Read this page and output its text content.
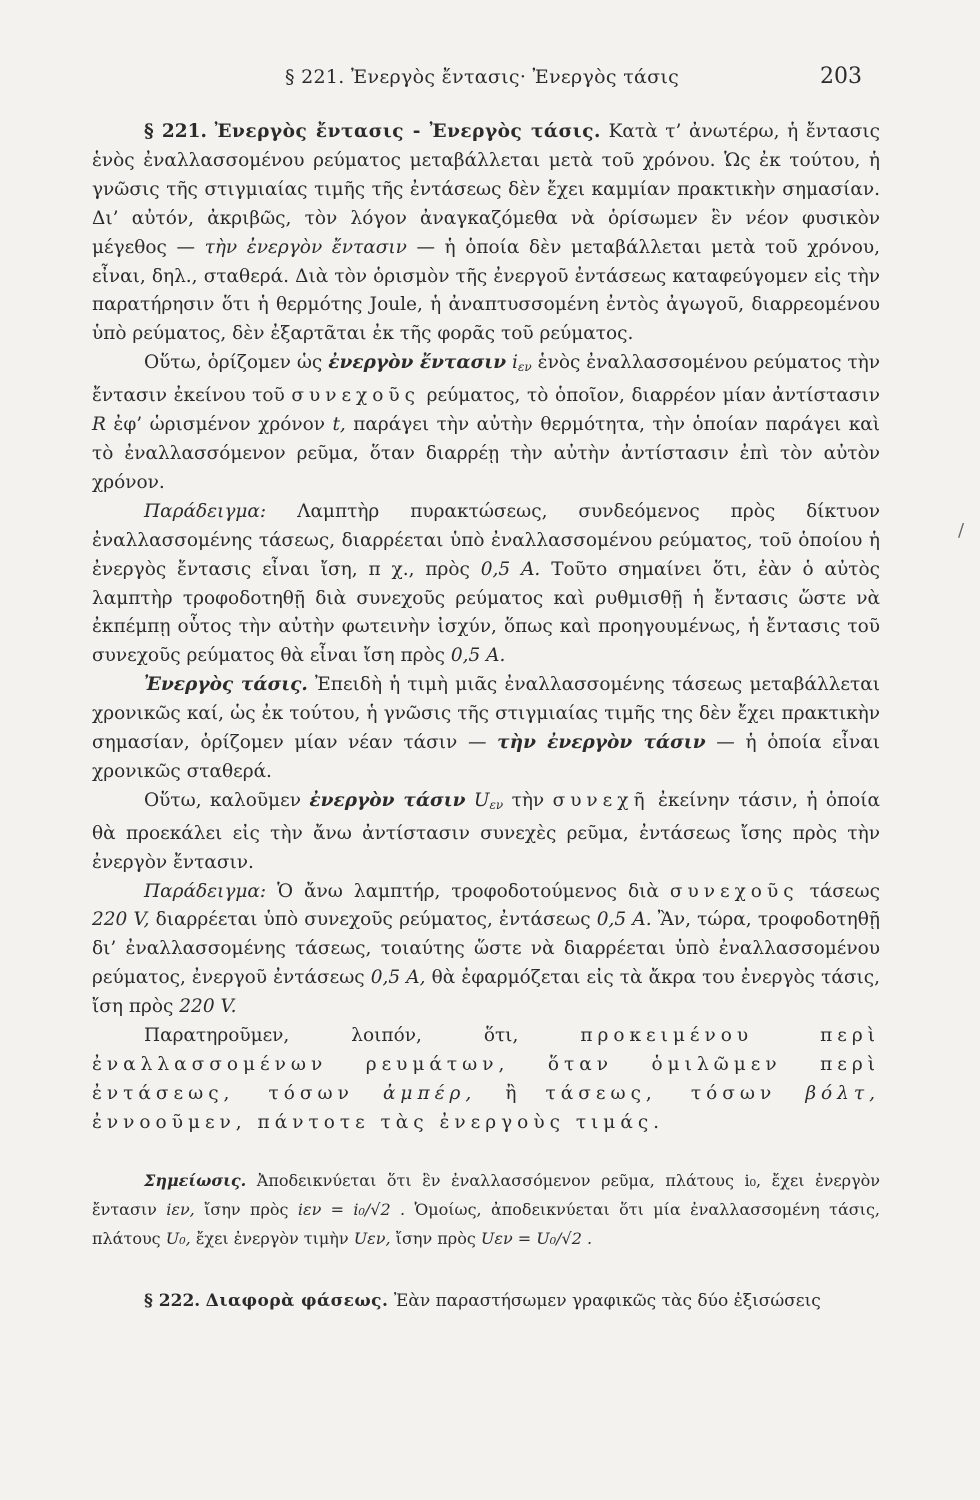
§ 221. Ἐνεργὸς ἔντασις· Ἐνεργὸς τάσις	203
/

§ 221. Ἐνεργὸς ἔντασις - Ἐνεργὸς τάσις. Κατὰ τ’ ἀνωτέρω, ἡ ἔντασις ἑνὸς ἐναλλασσομένου ρεύματος μεταβάλλεται μετὰ τοῦ χρόνου. Ὡς ἐκ τούτου, ἡ γνῶσις τῆς στιγμιαίας τιμῆς τῆς ἐντάσεως δὲν ἔχει καμμίαν πρακτικὴν σημασίαν. Δι’ αὐτόν, ἀκριβῶς, τὸν λόγον ἀναγκαζόμεθα νὰ ὁρίσωμεν ἓν νέον φυσικὸν μέγεθος — τὴν ἐνεργὸν ἔντασιν — ἡ ὁποία δὲν μεταβάλλεται μετὰ τοῦ χρόνου, εἶναι, δηλ., σταθερά. Διὰ τὸν ὁρισμὸν τῆς ἐνεργοῦ ἐντάσεως καταφεύγομεν εἰς τὴν παρατήρησιν ὅτι ἡ θερμότης Joule, ἡ ἀναπτυσσομένη ἐντὸς ἀγωγοῦ, διαρρεομένου ὑπὸ ρεύματος, δὲν ἐξαρτᾶται ἐκ τῆς φορᾶς τοῦ ρεύματος.

Οὕτω, ὁρίζομεν ὡς ἐνεργὸν ἔντασιν $i_{\varepsilon\nu}$ ἑνὸς ἐναλλασσομένου ρεύματος τὴν ἔντασιν ἐκείνου τοῦ συνεχοῦς ρεύματος, τὸ ὁποῖον, διαρρέον μίαν ἀντίστασιν R ἐφ’ ὡρισμένον χρόνον t, παράγει τὴν αὐτὴν θερμότητα, τὴν ὁποίαν παράγει καὶ τὸ ἐναλλασσόμενον ρεῦμα, ὅταν διαρρέῃ τὴν αὐτὴν ἀντίστασιν ἐπὶ τὸν αὐτὸν χρόνον.

Παράδειγμα: Λαμπτὴρ πυρακτώσεως, συνδεόμενος πρὸς δίκτυον ἐναλλασσομένης τάσεως, διαρρέεται ὑπὸ ἐναλλασσομένου ρεύματος, τοῦ ὁποίου ἡ ἐνεργὸς ἔντασις εἶναι ἴση, π χ., πρὸς 0,5 A. Τοῦτο σημαίνει ὅτι, ἐὰν ὁ αὐτὸς λαμπτὴρ τροφοδοτηθῇ διὰ συνεχοῦς ρεύματος καὶ ρυθμισθῇ ἡ ἔντασις ὥστε νὰ ἐκπέμπῃ οὗτος τὴν αὐτὴν φωτεινὴν ἰσχύν, ὅπως καὶ προηγουμένως, ἡ ἔντασις τοῦ συνεχοῦς ρεύματος θὰ εἶναι ἴση πρὸς 0,5 A.

Ἐνεργὸς τάσις. Ἐπειδὴ ἡ τιμὴ μιᾶς ἐναλλασσομένης τάσεως μεταβάλλεται χρονικῶς καί, ὡς ἐκ τούτου, ἡ γνῶσις τῆς στιγμιαίας τιμῆς της δὲν ἔχει πρακτικὴν σημασίαν, ὁρίζομεν μίαν νέαν τάσιν — τὴν ἐνεργὸν τάσιν — ἡ ὁποία εἶναι χρονικῶς σταθερά.

Οὕτω, καλοῦμεν ἐνεργὸν τάσιν $U_{\varepsilon\nu}$ τὴν συνεχῆ ἐκείνην τάσιν, ἡ ὁποία θὰ προεκάλει εἰς τὴν ἄνω ἀντίστασιν συνεχὲς ρεῦμα, ἐντάσεως ἴσης πρὸς τὴν ἐνεργὸν ἔντασιν.

Παράδειγμα: Ὁ ἄνω λαμπτήρ, τροφοδοτούμενος διὰ συνεχοῦς τάσεως 220 V, διαρρέεται ὑπὸ συνεχοῦς ρεύματος, ἐντάσεως 0,5 A. Ἂν, τώρα, τροφοδοτηθῇ δι’ ἐναλλασσομένης τάσεως, τοιαύτης ὥστε νὰ διαρρέεται ὑπὸ ἐναλλασσομένου ρεύματος, ἐνεργοῦ ἐντάσεως 0,5 A, θὰ ἐφαρμόζεται εἰς τὰ ἄκρα του ἐνεργὸς τάσις, ἴση πρὸς 220 V.

Παρατηροῦμεν, λοιπόν, ὅτι,	προκειμένου περὶ ἐναλλασσομένων ρευμάτων, ὅταν ὁμιλῶμεν περὶ ἐντάσεως, τόσων ἀμπέρ, ἢ τάσεως, τόσων βόλτ, ἐννοοῦμεν, πάντοτε τὰς ἐνεργοὺς τιμάς.

Σημείωσις. Ἀποδεικνύεται ὅτι ἓν ἐναλλασσόμενον ρεῦμα, πλάτους i₀, ἔχει ἐνεργὸν ἔντασιν iεν, ἴσην πρὸς iεν = i₀/√2 . Ὁμοίως, ἀποδεικνύεται ὅτι μία ἐναλλασσομένη τάσις, πλάτους U₀, ἔχει ἐνεργὸν τιμὴν Uεν, ἴσην πρὸς Uεν = U₀/√2 .

§ 222. Διαφορὰ φάσεως. Ἐὰν παραστήσωμεν γραφικῶς τὰς δύο ἐξισώσεις
